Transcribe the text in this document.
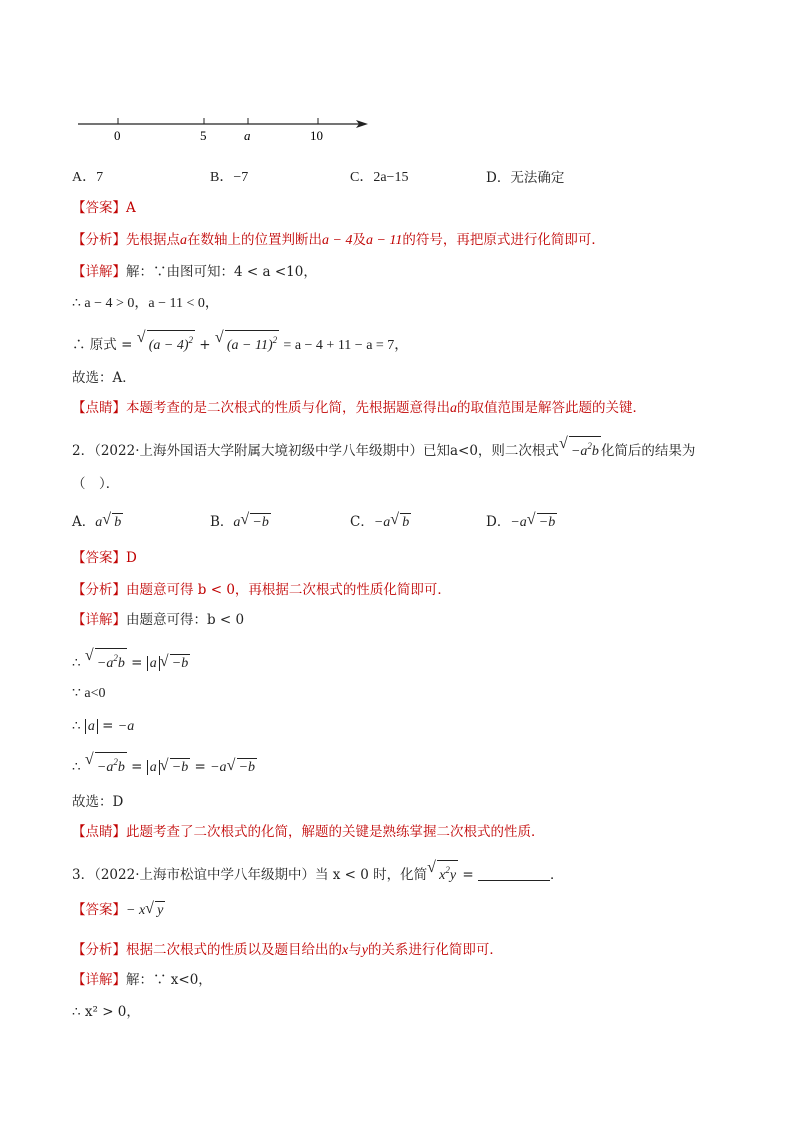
0	5	a	10
A．7	B．−7	C．2a−15	D．无法确定
【答案】A
【分析】先根据点a在数轴上的位置判断出a − 4及a − 11的符号，再把原式进行化简即可．
【详解】解：∵由图可知：4 < a <10，
∴ a − 4 > 0，a − 11 < 0，
∴ 原式 = √ $(a - 4)^2$ + √ $(a - 11)^2 = a - 4 + 11 - a = 7$，
故选：A．
【点睛】本题考查的是二次根式的性质与化简，先根据题意得出a的取值范围是解答此题的关键．
2．（2022·上海外国语大学附属大境初级中学八年级期中）已知a<0，则二次根式√ $-a^2b$ 化简后的结果为
（　）．
A．a√ b	B．a√ −b	C．−a√ b	D．−a√ −b
【答案】D
【分析】由题意可得 b < 0，再根据二次根式的性质化简即可．
【详解】由题意可得：b < 0
∴ √ $-a^2b = a√ -b$
∵ a<0
∴ a = −a
∴ √ $-a^2b = a√ -b = -a√ -b$
故选：D
【点睛】此题考查了二次根式的化简，解题的关键是熟练掌握二次根式的性质．
3．（2022·上海市松谊中学八年级期中）当 x < 0 时，化简√ $x^2y$ =	．
【答案】− x√ y
【分析】根据二次根式的性质以及题目给出的x与y的关系进行化简即可．
【详解】解：∵ x<0，
∴ x² > 0，
